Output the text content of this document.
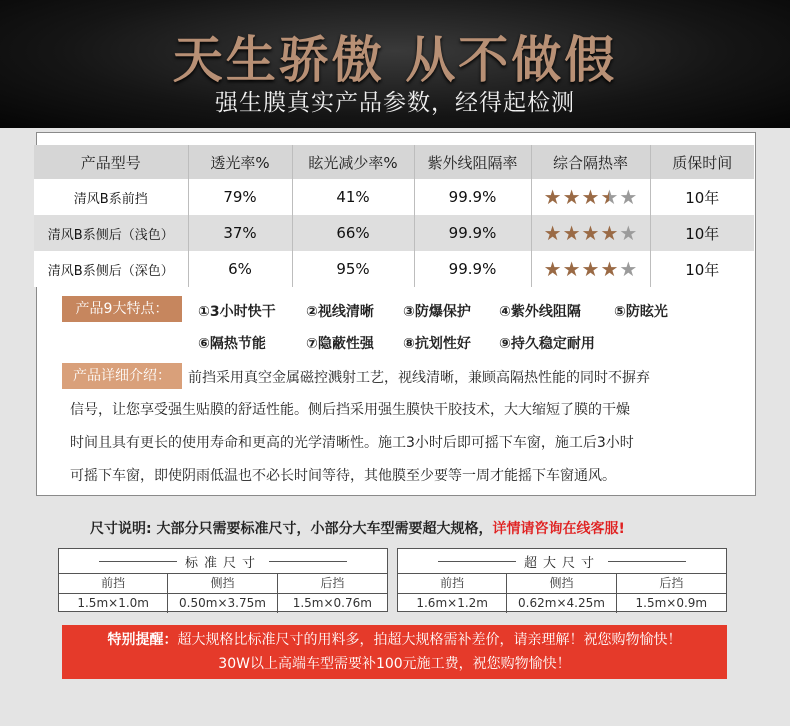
天生骄傲 从不做假
强生膜真实产品参数，经得起检测
产品型号	透光率%	眩光减少率%	紫外线阻隔率	综合隔热率	质保时间
清风B系前挡	79%	41%	99.9%	★ ★ ★ ★ ★	10年
清风B系侧后（浅色）	37%	66%	99.9%	★ ★ ★ ★ ★	10年
清风B系侧后（深色）	6%	95%	99.9%	★ ★ ★ ★ ★	10年
产品9大特点：	①3小时快干 ②视线清晰 ③防爆保护 ④紫外线阻隔 ⑤防眩光
⑥隔热节能	⑦隐蔽性强 ⑧抗划性好 ⑨持久稳定耐用
产品详细介绍：	前挡采用真空金属磁控溅射工艺，视线清晰，兼顾高隔热性能的同时不摒弃
信号，让您享受强生贴膜的舒适性能。侧后挡采用强生膜快干胶技术，大大缩短了膜的干燥
时间且具有更长的使用寿命和更高的光学清晰性。施工3小时后即可摇下车窗，施工后3小时
可摇下车窗，即使阴雨低温也不必长时间等待，其他膜至少要等一周才能摇下车窗通风。
尺寸说明: 大部分只需要标准尺寸，小部分大车型需要超大规格，详情请咨询在线客服!
标准尺寸
前挡	侧挡	后挡
1.5m×1.0m	0.50m×3.75m	1.5m×0.76m
超大尺寸
前挡	侧挡	后挡
1.6m×1.2m	0.62m×4.25m	1.5m×0.9m
特别提醒：超大规格比标准尺寸的用料多，拍超大规格需补差价，请亲理解！祝您购物愉快！
30W以上高端车型需要补100元施工费，祝您购物愉快！
